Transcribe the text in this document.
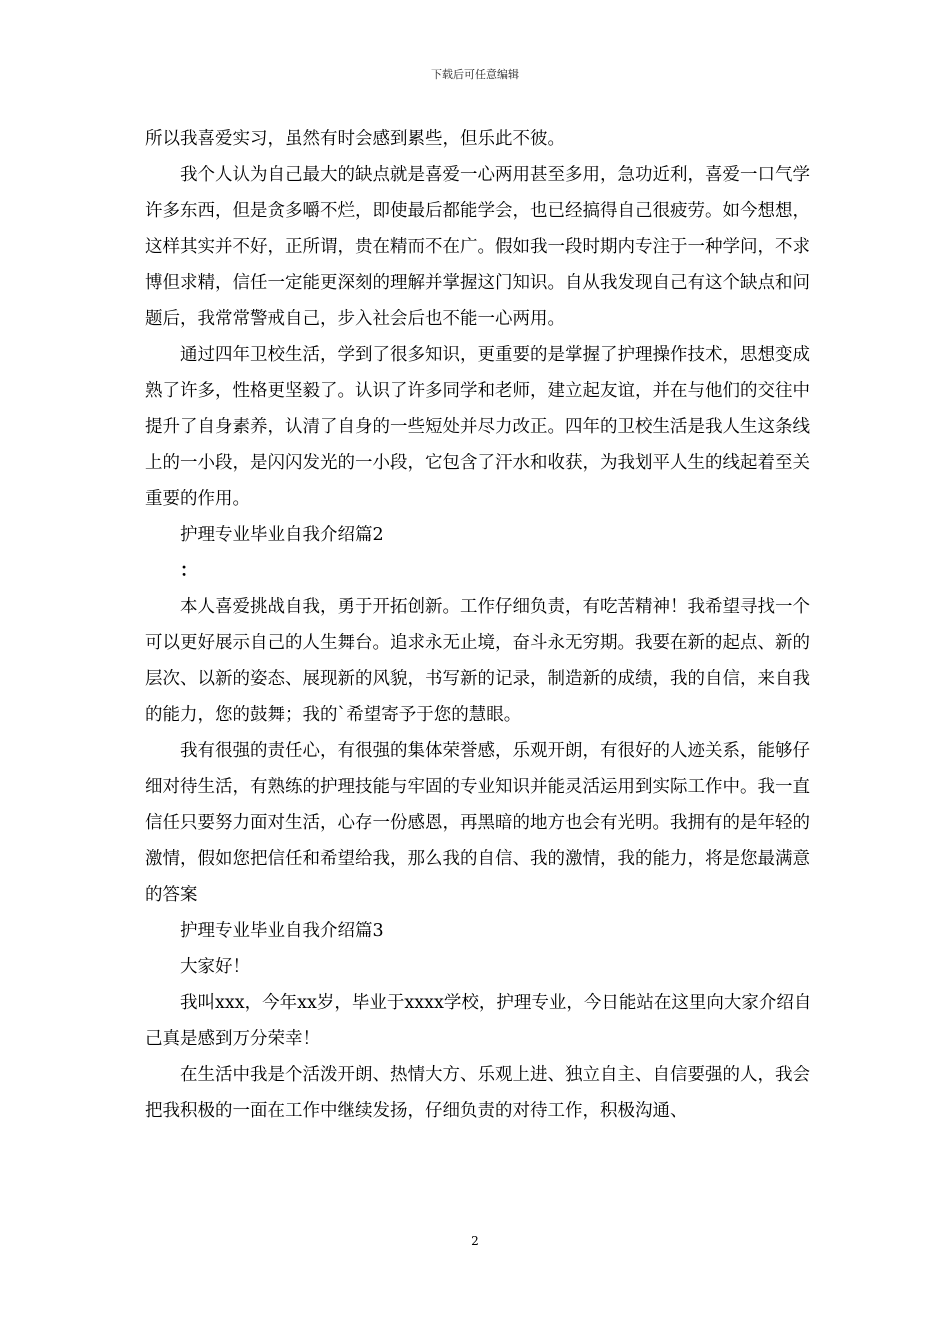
下载后可任意编辑

所以我喜爱实习，虽然有时会感到累些，但乐此不彼。

我个人认为自己最大的缺点就是喜爱一心两用甚至多用，急功近利，喜爱一口气学许多东西，但是贪多嚼不烂，即使最后都能学会，也已经搞得自己很疲劳。如今想想，这样其实并不好，正所谓，贵在精而不在广。假如我一段时期内专注于一种学问，不求博但求精，信任一定能更深刻的理解并掌握这门知识。自从我发现自己有这个缺点和问题后，我常常警戒自己，步入社会后也不能一心两用。

通过四年卫校生活，学到了很多知识，更重要的是掌握了护理操作技术，思想变成熟了许多，性格更坚毅了。认识了许多同学和老师，建立起友谊，并在与他们的交往中提升了自身素养，认清了自身的一些短处并尽力改正。四年的卫校生活是我人生这条线上的一小段，是闪闪发光的一小段，它包含了汗水和收获，为我划平人生的线起着至关重要的作用。

护理专业毕业自我介绍篇2

：

本人喜爱挑战自我，勇于开拓创新。工作仔细负责，有吃苦精神！我希望寻找一个可以更好展示自己的人生舞台。追求永无止境，奋斗永无穷期。我要在新的起点、新的层次、以新的姿态、展现新的风貌，书写新的记录，制造新的成绩，我的自信，来自我的能力，您的鼓舞；我的`希望寄予于您的慧眼。

我有很强的责任心，有很强的集体荣誉感，乐观开朗，有很好的人迹关系，能够仔细对待生活，有熟练的护理技能与牢固的专业知识并能灵活运用到实际工作中。我一直信任只要努力面对生活，心存一份感恩，再黑暗的地方也会有光明。我拥有的是年轻的激情，假如您把信任和希望给我，那么我的自信、我的激情，我的能力，将是您最满意的答案

护理专业毕业自我介绍篇3

大家好！

我叫xxx，今年xx岁，毕业于xxxx学校，护理专业，今日能站在这里向大家介绍自己真是感到万分荣幸！

在生活中我是个活泼开朗、热情大方、乐观上进、独立自主、自信要强的人，我会把我积极的一面在工作中继续发扬，仔细负责的对待工作，积极沟通、

2
